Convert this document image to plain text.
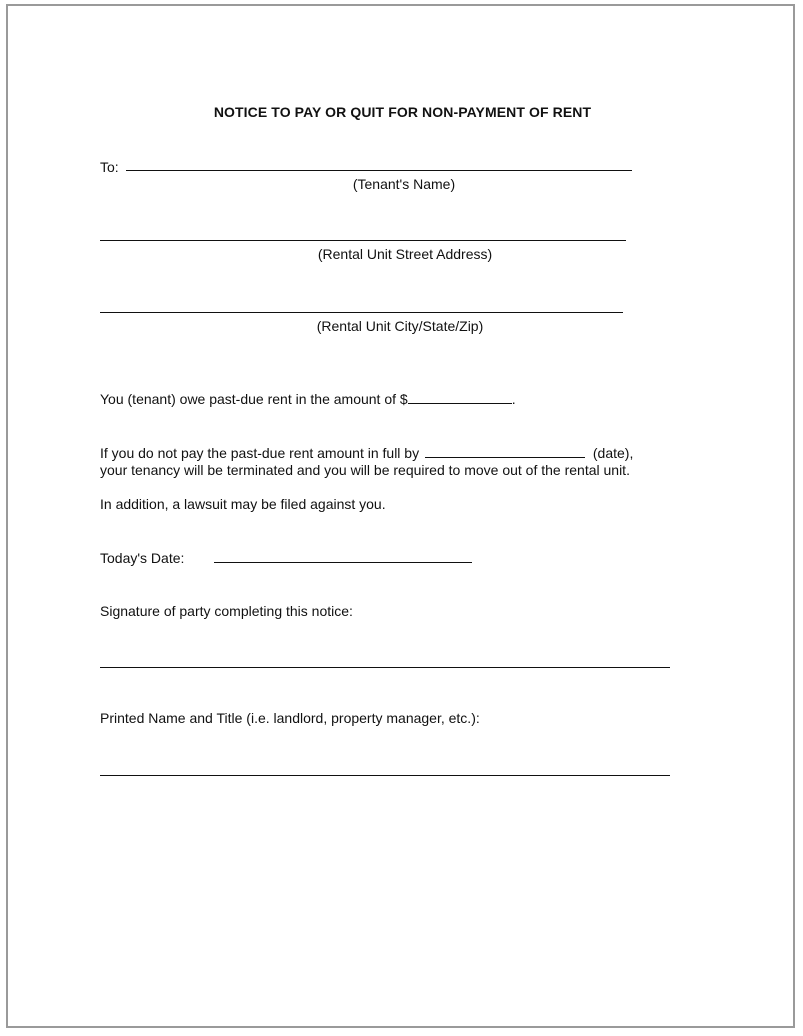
NOTICE TO PAY OR QUIT FOR NON-PAYMENT OF RENT
To:
(Tenant's Name)
(Rental Unit Street Address)
(Rental Unit City/State/Zip)
You (tenant) owe past-due rent in the amount of $	.
If you do not pay the past-due rent amount in full by	(date),
your tenancy will be terminated and you will be required to move out of the rental unit.
In addition, a lawsuit may be filed against you.
Today's Date:
Signature of party completing this notice:
Printed Name and Title (i.e. landlord, property manager, etc.):
